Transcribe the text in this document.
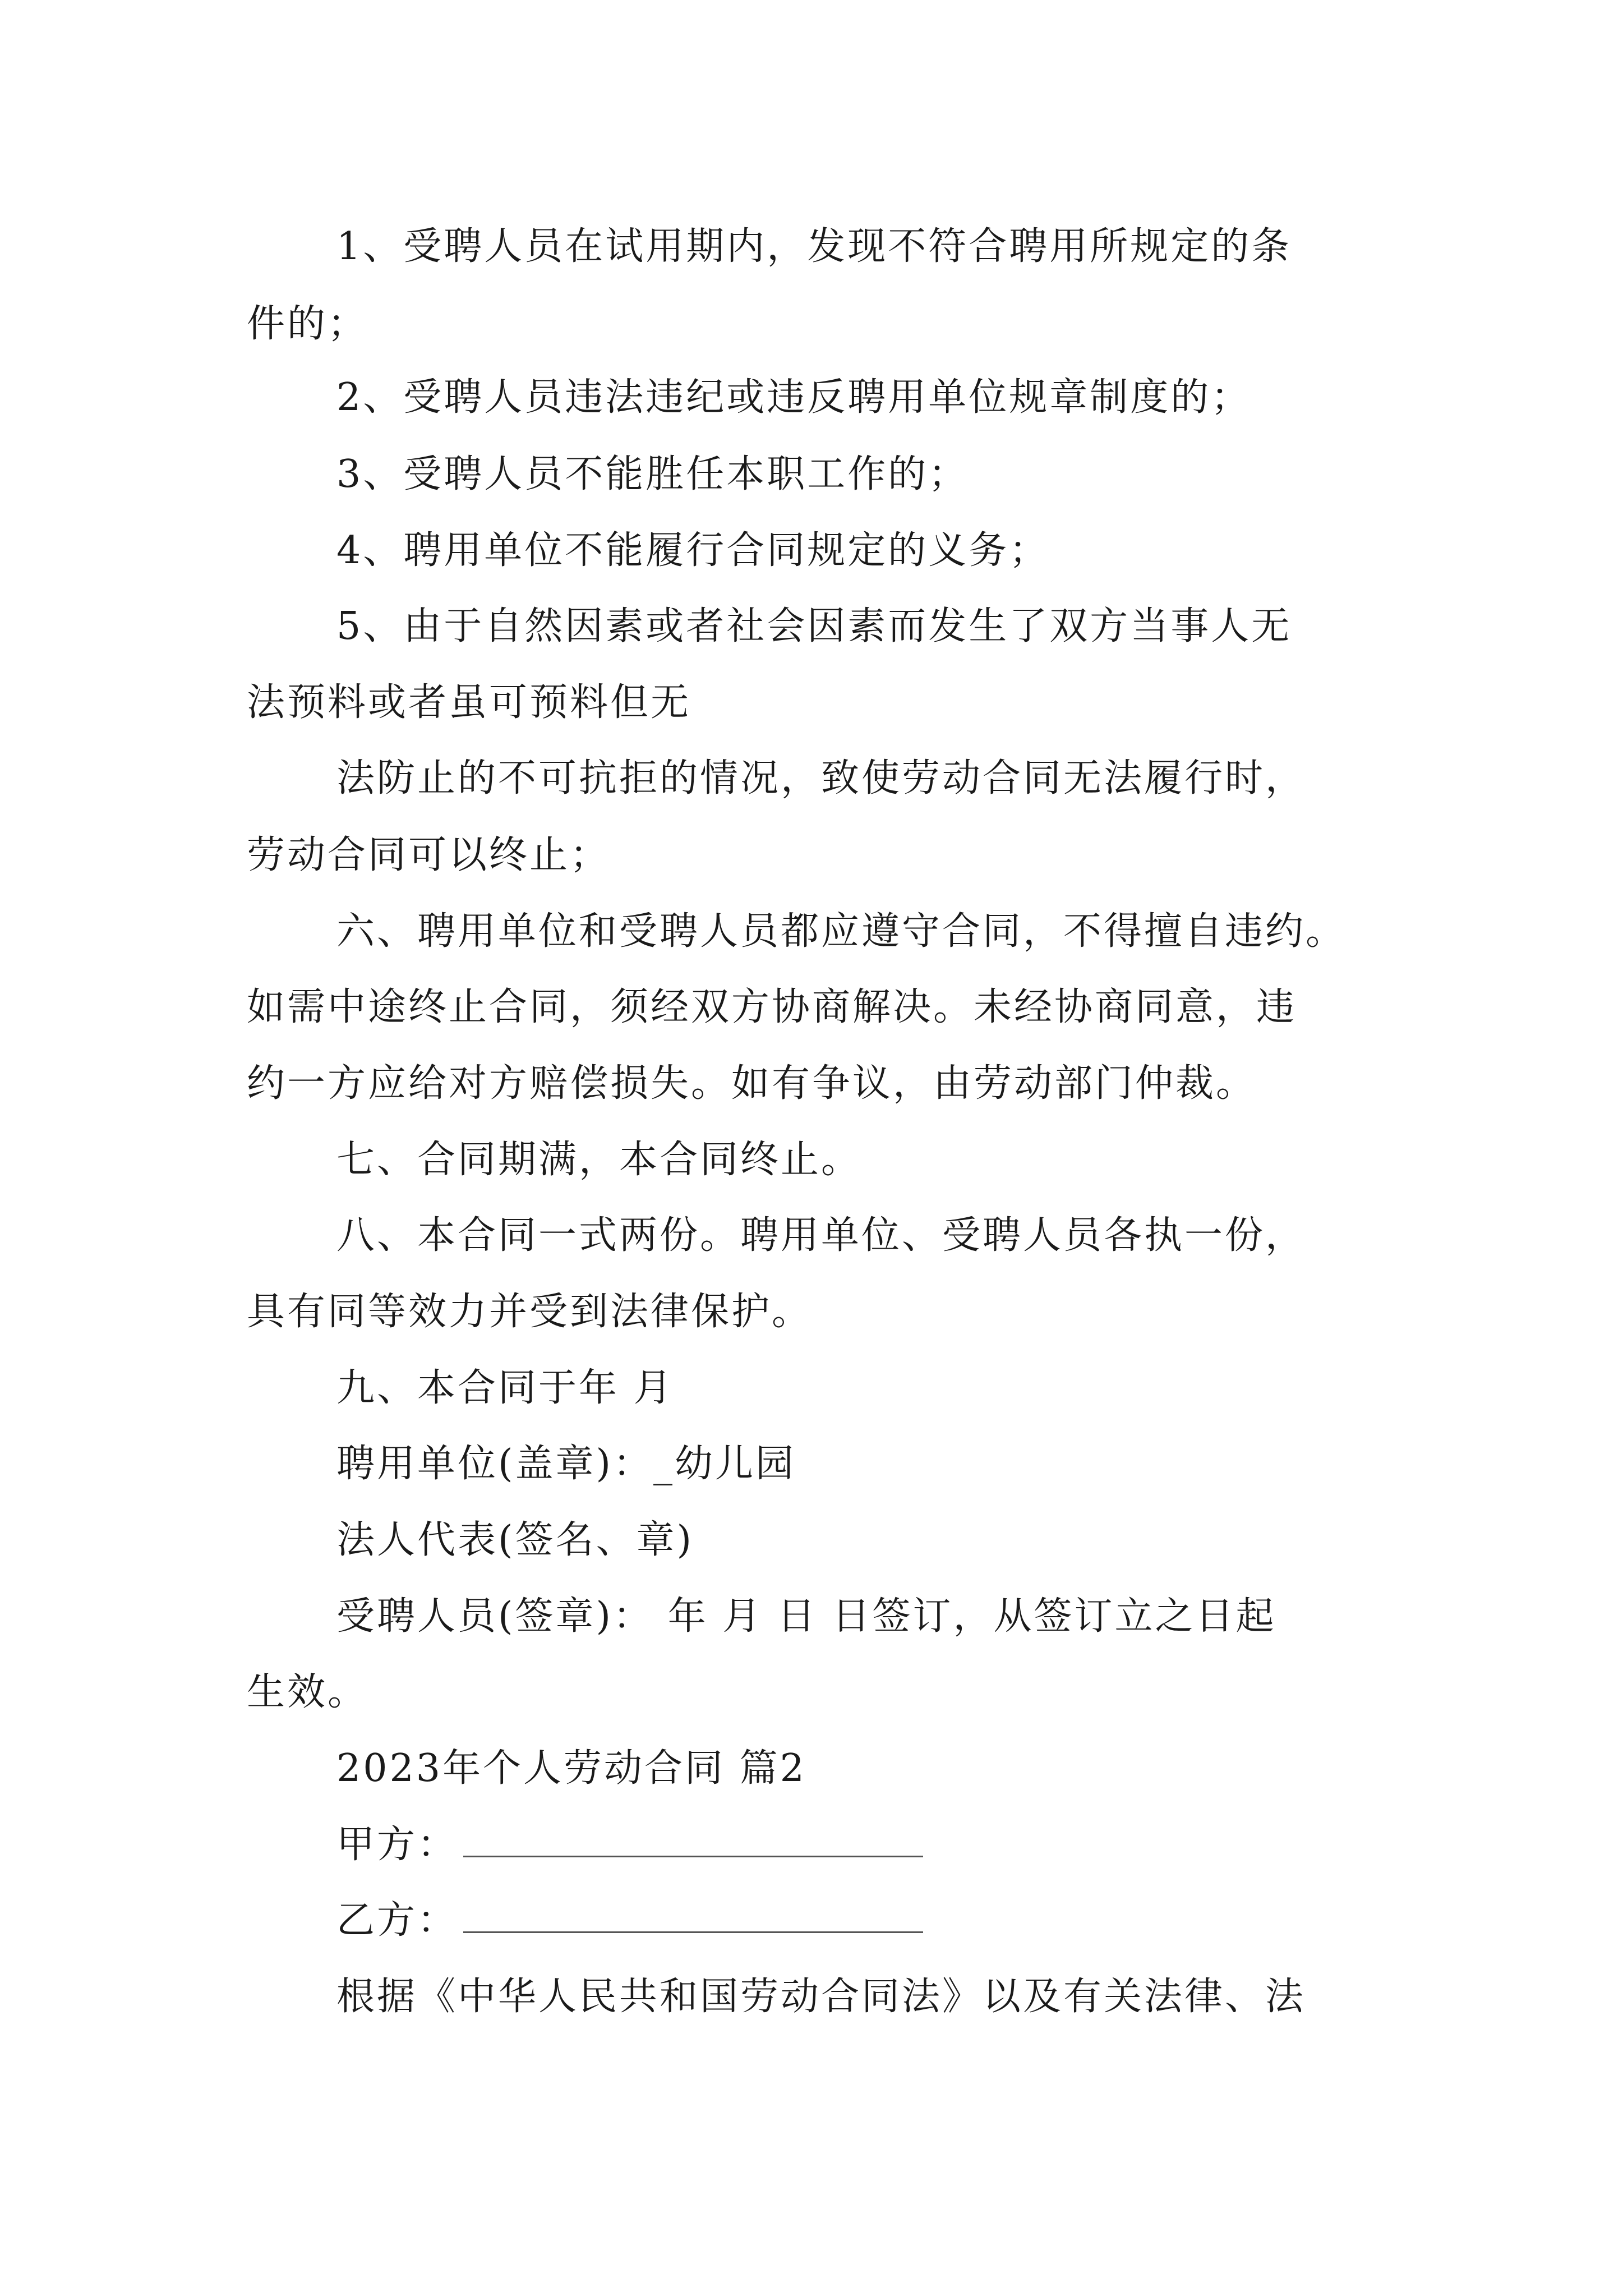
1、受聘人员在试用期内，发现不符合聘用所规定的条
件的；
2、受聘人员违法违纪或违反聘用单位规章制度的；
3、受聘人员不能胜任本职工作的；
4、聘用单位不能履行合同规定的义务；
5、由于自然因素或者社会因素而发生了双方当事人无
法预料或者虽可预料但无
法防止的不可抗拒的情况，致使劳动合同无法履行时，
劳动合同可以终止；
六、聘用单位和受聘人员都应遵守合同，不得擅自违约。
如需中途终止合同，须经双方协商解决。未经协商同意，违
约一方应给对方赔偿损失。如有争议，由劳动部门仲裁。
七、合同期满，本合同终止。
八、本合同一式两份。聘用单位、受聘人员各执一份，
具有同等效力并受到法律保护。
九、本合同于年 月
聘用单位(盖章)：_幼儿园
法人代表(签名、章)
受聘人员(签章)： 年 月 日 日签订，从签订立之日起
生效。
2023年个人劳动合同 篇2
甲方：
乙方：
根据《中华人民共和国劳动合同法》以及有关法律、法
